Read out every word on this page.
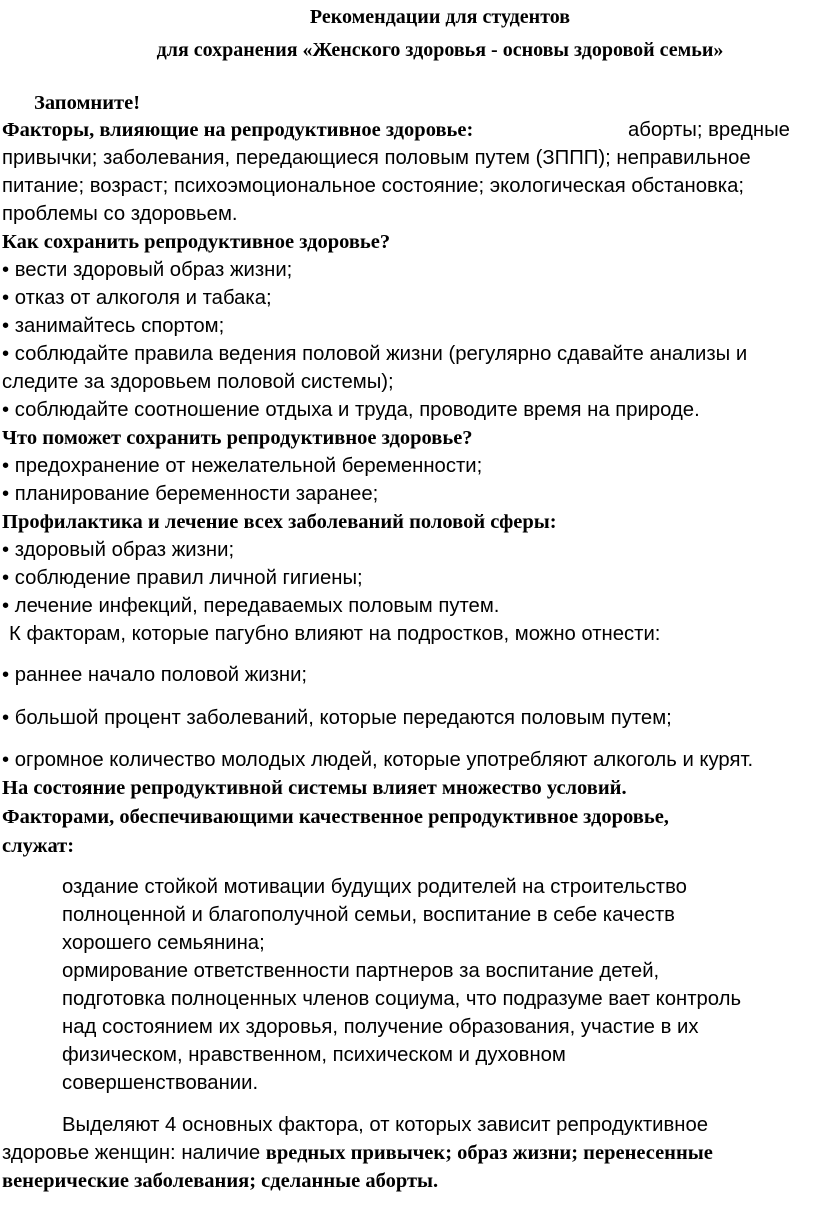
Рекомендации для студентов
для сохранения «Женского здоровья - основы здоровой семьи»
Запомните!
Факторы, влияющие на репродуктивное здоровье:	аборты; вредные
привычки; заболевания, передающиеся половым путем (ЗППП); неправильное
питание; возраст; психоэмоциональное состояние; экологическая обстановка;
проблемы со здоровьем.
Как сохранить репродуктивное здоровье?
• вести здоровый образ жизни;
• отказ от алкоголя и табака;
• занимайтесь спортом;
• соблюдайте правила ведения половой жизни (регулярно сдавайте анализы и
следите за здоровьем половой системы);
• соблюдайте соотношение отдыха и труда, проводите время на природе.
Что поможет сохранить репродуктивное здоровье?
• предохранение от нежелательной беременности;
• планирование беременности заранее;
Профилактика и лечение всех заболеваний половой сферы:
• здоровый образ жизни;
• соблюдение правил личной гигиены;
• лечение инфекций, передаваемых половым путем.
К факторам, которые пагубно влияют на подростков, можно отнести:
• раннее начало половой жизни;
• большой процент заболеваний, которые передаются половым путем;
• огромное количество молодых людей, которые употребляют алкоголь и курят.
На состояние репродуктивной системы влияет множество условий.
Факторами, обеспечивающими качественное репродуктивное здоровье,
служат:
оздание стойкой мотивации будущих родителей на строительство
полноценной и благополучной семьи, воспитание в себе качеств
хорошего семьянина;
ормирование ответственности партнеров за воспитание детей,
подготовка полноценных членов социума, что подразуме вает контроль
над состоянием их здоровья, получение образования, участие в их
физическом, нравственном, психическом и духовном
совершенствовании.
Выделяют 4 основных фактора, от которых зависит репродуктивное
здоровье женщин: наличие вредных привычек; образ жизни; перенесенные
венерические заболевания; сделанные аборты.
